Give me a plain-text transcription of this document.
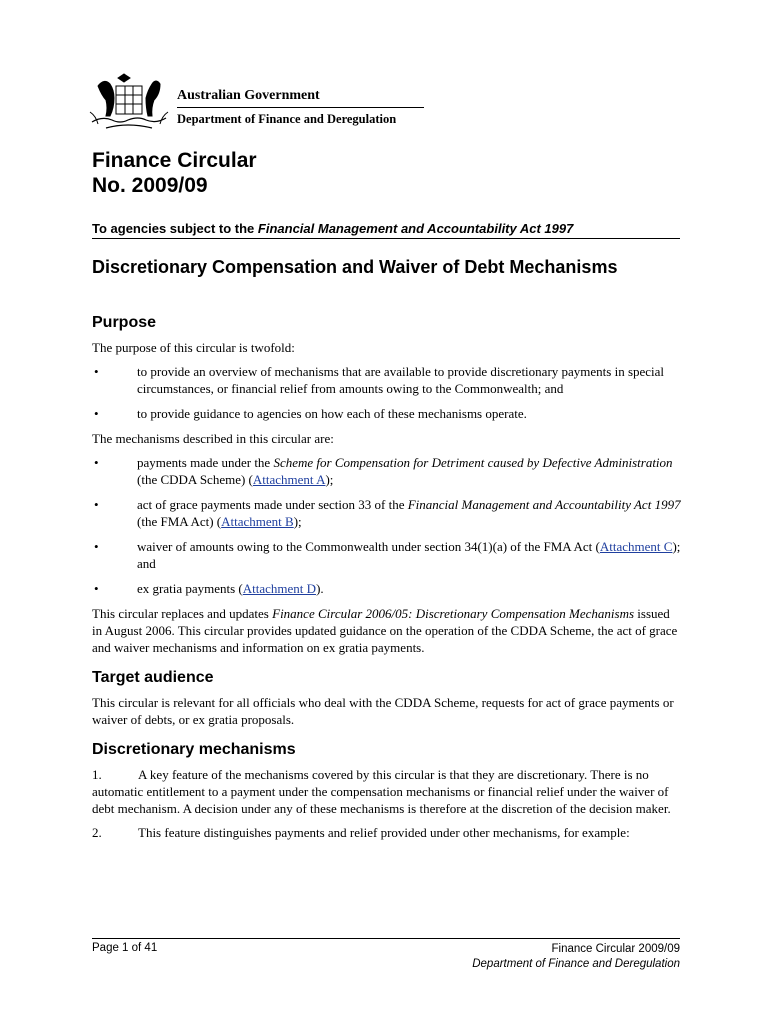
Australian Government
Department of Finance and Deregulation
Finance Circular
No. 2009/09
To agencies subject to the Financial Management and Accountability Act 1997
Discretionary Compensation and Waiver of Debt Mechanisms
Purpose

The purpose of this circular is twofold:

•	to provide an overview of mechanisms that are available to provide discretionary payments in special circumstances, or financial relief from amounts owing to the Commonwealth; and
•	to provide guidance to agencies on how each of these mechanisms operate.

The mechanisms described in this circular are:

•	payments made under the Scheme for Compensation for Detriment caused by Defective Administration (the CDDA Scheme) (Attachment A);
•	act of grace payments made under section 33 of the Financial Management and Accountability Act 1997 (the FMA Act) (Attachment B);
•	waiver of amounts owing to the Commonwealth under section 34(1)(a) of the FMA Act (Attachment C); and
•	ex gratia payments (Attachment D).

This circular replaces and updates Finance Circular 2006/05: Discretionary Compensation Mechanisms issued in August 2006. This circular provides updated guidance on the operation of the CDDA Scheme, the act of grace and waiver mechanisms and information on ex gratia payments.

Target audience

This circular is relevant for all officials who deal with the CDDA Scheme, requests for act of grace payments or waiver of debts, or ex gratia proposals.

Discretionary mechanisms

1.	A key feature of the mechanisms covered by this circular is that they are discretionary. There is no automatic entitlement to a payment under the compensation mechanisms or financial relief under the waiver of debt mechanism. A decision under any of these mechanisms is therefore at the discretion of the decision maker.

2.	This feature distinguishes payments and relief provided under other mechanisms, for example:

Page 1 of 41	Finance Circular 2009/09
Department of Finance and Deregulation
